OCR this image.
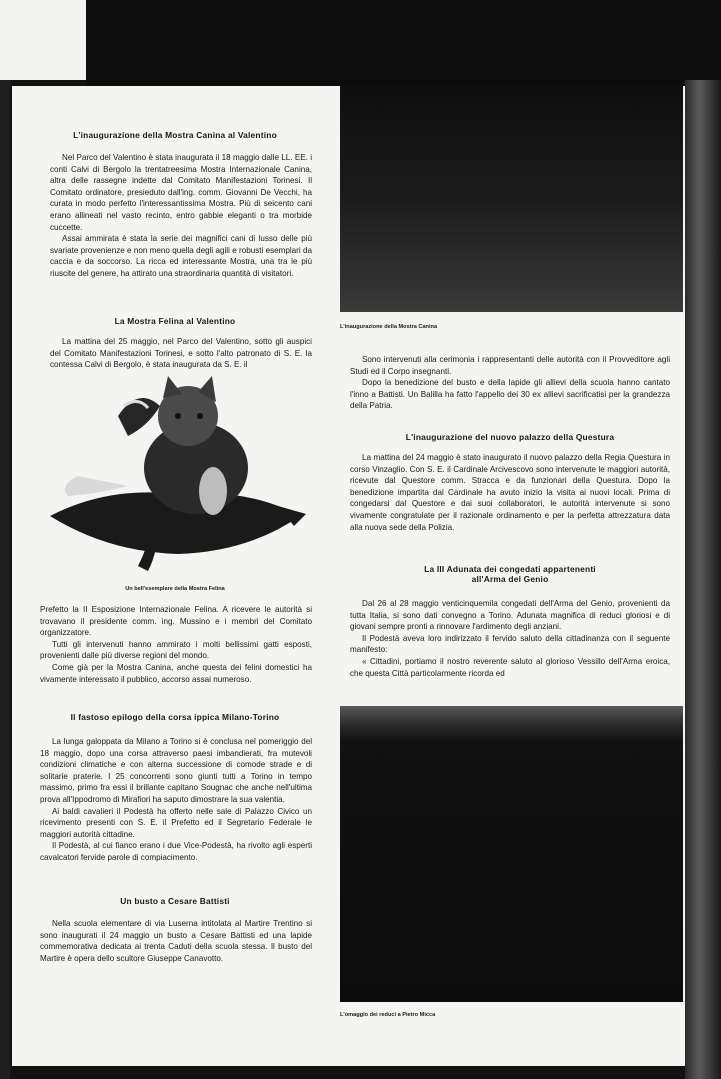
L'inaugurazione della Mostra Canina al Valentino

Nel Parco del Valentino è stata inaugurata il 18 maggio dalle LL. EE. i conti Calvi di Bergolo la trentatreesima Mostra Internazionale Canina, altra delle rassegne indette dal Comitato Manifestazioni Torinesi. Il Comitato ordinatore, presieduto dall'ing. comm. Giovanni De Vecchi, ha curata in modo perfetto l'interessantissima Mostra. Più di seicento cani erano allineati nel vasto recinto, entro gabbie eleganti o tra morbide cuccette.

Assai ammirata è stata la serie dei magnifici cani di lusso delle più svariate provenienze e non meno quella degli agili e robusti esemplari da caccia e da soccorso. La ricca ed interessante Mostra, una tra le più riuscite del genere, ha attirato una straordinaria quantità di visitatori.

La Mostra Felina al Valentino

La mattina del 25 maggio, nel Parco del Valentino, sotto gli auspici del Comitato Manifestazioni Torinesi, e sotto l'alto patronato di S. E. la contessa Calvi di Bergolo, è stata inaugurata da S. E. il

Un bell'esemplare della Mostra Felina

Prefetto la II Esposizione Internazionale Felina. A ricevere le autorità si trovavano il presidente comm. ing. Mussino e i membri del Comitato organizzatore.

Tutti gli intervenuti hanno ammirato i molti bellissimi gatti esposti, provenienti dalle più diverse regioni del mondo.

Come già per la Mostra Canina, anche questa dei felini domestici ha vivamente interessato il pubblico, accorso assai numeroso.

Il fastoso epilogo della corsa ippica Milano-Torino

La lunga galoppata da Milano a Torino si è conclusa nel pomeriggio del 18 maggio, dopo una corsa attraverso paesi imbandierati, fra mutevoli condizioni climatiche e con alterna successione di comode strade e di solitarie praterie. I 25 concorrenti sono giunti tutti a Torino in tempo massimo, primo fra essi il brillante capitano Sougnac che anche nell'ultima prova all'Ippodromo di Mirafiori ha saputo dimostrare la sua valentia.

Ai baldi cavalieri il Podestà ha offerto nelle sale di Palazzo Civico un ricevimento presenti con S. E. il Prefetto ed il Segretario Federale le maggiori autorità cittadine.

Il Podestà, al cui fianco erano i due Vice-Podestà, ha rivolto agli esperti cavalcatori fervide parole di compiacimento.

Un busto a Cesare Battisti

Nella scuola elementare di via Luserna intitolata al Martire Trentino si sono inaugurati il 24 maggio un busto a Cesare Battisti ed una lapide commemorativa dedicata ai trenta Caduti della scuola stessa. Il busto del Martire è opera dello scultore Giuseppe Canavotto.

L'inaugurazione della Mostra Canina

Sono intervenuti alla cerimonia i rappresentanti delle autorità con il Provveditore agli Studi ed il Corpo insegnanti.

Dopo la benedizione del busto e della lapide gli allievi della scuola hanno cantato l'inno a Battisti. Un Balilla ha fatto l'appello dei 30 ex allievi sacrificatisi per la grandezza della Patria.

L'inaugurazione del nuovo palazzo della Questura

La mattina del 24 maggio è stato inaugurato il nuovo palazzo della Regia Questura in corso Vinzaglio. Con S. E. il Cardinale Arcivescovo sono intervenute le maggiori autorità, ricevute dal Questore comm. Stracca e da funzionari della Questura. Dopo la benedizione impartita dal Cardinale ha avuto inizio la visita ai nuovi locali. Prima di congedarsi dal Questore e dai suoi collaboratori, le autorità intervenute si sono vivamente congratulate per il razionale ordinamento e per la perfetta attrezzatura data alla nuova sede della Polizia.

La III Adunata dei congedati appartenenti
all'Arma del Genio

Dal 26 al 28 maggio venticinquemila congedati dell'Arma del Genio, provenienti da tutta Italia, si sono dati convegno a Torino. Adunata magnifica di reduci gloriosi e di giovani sempre pronti a rinnovare l'ardimento degli anziani.

Il Podestà aveva loro indirizzato il fervido saluto della cittadinanza con il seguente manifesto:

« Cittadini, portiamo il nostro reverente saluto al glorioso Vessillo dell'Arma eroica, che questa Città particolarmente ricorda ed

L'omaggio dei reduci a Pietro Micca
